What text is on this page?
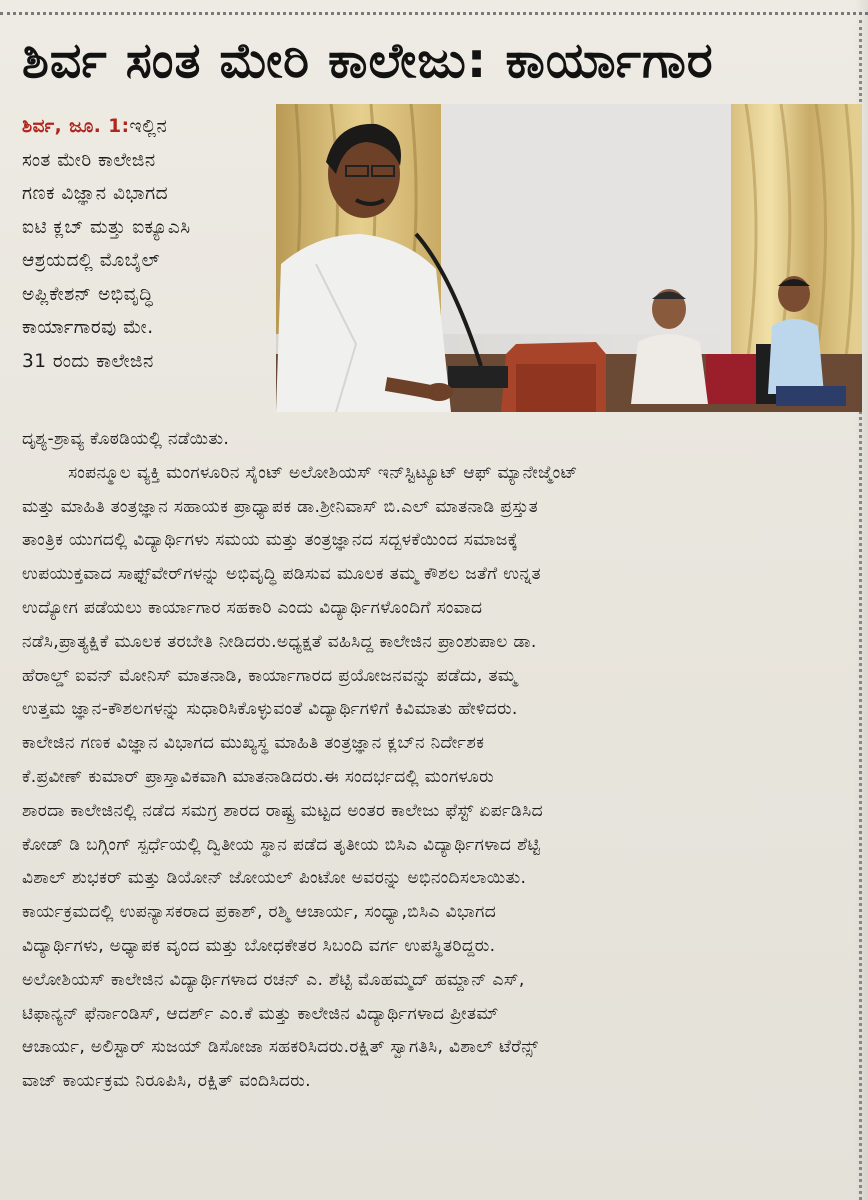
ಶಿರ್ವ ಸಂತ ಮೇರಿ ಕಾಲೇಜು: ಕಾರ್ಯಾಗಾರ
ಶಿರ್ವ, ಜೂ. 1:ಇಲ್ಲಿನ
ಸಂತ ಮೇರಿ ಕಾಲೇಜಿನ
ಗಣಕ ವಿಜ್ಞಾನ ವಿಭಾಗದ
ಐಟಿ ಕ್ಲಬ್ ಮತ್ತು ಐಕ್ಯೂಎಸಿ
ಆಶ್ರಯದಲ್ಲಿ ಮೊಬೈಲ್
ಅಪ್ಲಿಕೇಶನ್ ಅಭಿವೃದ್ಧಿ
ಕಾರ್ಯಾಗಾರವು ಮೇ.
31 ರಂದು ಕಾಲೇಜಿನ
ದೃಶ್ಯ-ಶ್ರಾವ್ಯ ಕೊಠಡಿಯಲ್ಲಿ ನಡೆಯಿತು.
ಸಂಪನ್ಮೂಲ ವ್ಯಕ್ತಿ ಮಂಗಳೂರಿನ ಸೈಂಟ್ ಅಲೋಶಿಯಸ್ ಇನ್‌ಸ್ಟಿಟ್ಯೂಟ್ ಆಫ್ ಮ್ಯಾನೇಜ್ಮೆಂಟ್
ಮತ್ತು ಮಾಹಿತಿ ತಂತ್ರಜ್ಞಾನ ಸಹಾಯಕ ಪ್ರಾಧ್ಯಾಪಕ ಡಾ.ಶ್ರೀನಿವಾಸ್ ಬಿ.ಎಲ್ ಮಾತನಾಡಿ ಪ್ರಸ್ತುತ
ತಾಂತ್ರಿಕ ಯುಗದಲ್ಲಿ ವಿದ್ಯಾರ್ಥಿಗಳು ಸಮಯ ಮತ್ತು ತಂತ್ರಜ್ಞಾನದ ಸದ್ಬಳಕೆಯಿಂದ ಸಮಾಜಕ್ಕೆ
ಉಪಯುಕ್ತವಾದ ಸಾಫ್ಟ್‌ವೇರ್‌ಗಳನ್ನು ಅಭಿವೃದ್ಧಿ ಪಡಿಸುವ ಮೂಲಕ ತಮ್ಮ ಕೌಶಲ ಜತೆಗೆ ಉನ್ನತ
ಉದ್ಯೋಗ ಪಡೆಯಲು ಕಾರ್ಯಾಗಾರ ಸಹಕಾರಿ ಎಂದು ವಿದ್ಯಾರ್ಥಿಗಳೊಂದಿಗೆ ಸಂವಾದ
ನಡೆಸಿ,ಪ್ರಾತ್ಯಕ್ಷಿಕೆ ಮೂಲಕ ತರಬೇತಿ ನೀಡಿದರು.ಅಧ್ಯಕ್ಷತೆ ವಹಿಸಿದ್ದ ಕಾಲೇಜಿನ ಪ್ರಾಂಶುಪಾಲ ಡಾ.
ಹೆರಾಲ್ಡ್ ಐವನ್ ಮೋನಿಸ್ ಮಾತನಾಡಿ, ಕಾರ್ಯಾಗಾರದ ಪ್ರಯೋಜನವನ್ನು ಪಡೆದು, ತಮ್ಮ
ಉತ್ತಮ ಜ್ಞಾನ-ಕೌಶಲಗಳನ್ನು ಸುಧಾರಿಸಿಕೊಳ್ಳುವಂತೆ ವಿದ್ಯಾರ್ಥಿಗಳಿಗೆ ಕಿವಿಮಾತು ಹೇಳಿದರು.
ಕಾಲೇಜಿನ ಗಣಕ ವಿಜ್ಞಾನ ವಿಭಾಗದ ಮುಖ್ಯಸ್ಥ ಮಾಹಿತಿ ತಂತ್ರಜ್ಞಾನ ಕ್ಲಬ್‌ನ ನಿರ್ದೇಶಕ
ಕೆ.ಪ್ರವೀಣ್ ಕುಮಾರ್ ಪ್ರಾಸ್ತಾವಿಕವಾಗಿ ಮಾತನಾಡಿದರು.ಈ ಸಂದರ್ಭದಲ್ಲಿ ಮಂಗಳೂರು
ಶಾರದಾ ಕಾಲೇಜಿನಲ್ಲಿ ನಡೆದ ಸಮಗ್ರ ಶಾರದ ರಾಷ್ಟ್ರ ಮಟ್ಟದ ಅಂತರ ಕಾಲೇಜು ಫೆಸ್ಟ್ ಏರ್ಪಡಿಸಿದ
ಕೋಡ್ ಡಿ ಬಗ್ಗಿಂಗ್ ಸ್ಪರ್ಧೆಯಲ್ಲಿ ದ್ವಿತೀಯ ಸ್ಥಾನ ಪಡೆದ ತೃತೀಯ ಬಿಸಿಎ ವಿದ್ಯಾರ್ಥಿಗಳಾದ ಶೆಟ್ಟಿ
ವಿಶಾಲ್ ಶುಭಕರ್ ಮತ್ತು ಡಿಯೋನ್ ಜೋಯಲ್ ಪಿಂಟೋ ಅವರನ್ನು ಅಭಿನಂದಿಸಲಾಯಿತು.
ಕಾರ್ಯಕ್ರಮದಲ್ಲಿ ಉಪನ್ಯಾಸಕರಾದ ಪ್ರಕಾಶ್, ರಶ್ಮಿ ಆಚಾರ್ಯ, ಸಂಧ್ಯಾ,ಬಿಸಿಎ ವಿಭಾಗದ
ವಿದ್ಯಾರ್ಥಿಗಳು, ಅಧ್ಯಾಪಕ ವೃಂದ ಮತ್ತು ಬೋಧಕೇತರ ಸಿಬಂದಿ ವರ್ಗ ಉಪಸ್ಥಿತರಿದ್ದರು.
ಅಲೋಶಿಯಸ್ ಕಾಲೇಜಿನ ವಿದ್ಯಾರ್ಥಿಗಳಾದ ರಚನ್ ಎ. ಶೆಟ್ಟಿ ಮೊಹಮ್ಮದ್ ಹಮ್ದಾನ್ ಎಸ್,
ಟಿಫಾನ್ಯನ್ ಫೆರ್ನಾಂಡಿಸ್, ಆದರ್ಶ್ ಎಂ.ಕೆ ಮತ್ತು ಕಾಲೇಜಿನ ವಿದ್ಯಾರ್ಥಿಗಳಾದ ಪ್ರೀತಮ್
ಆಚಾರ್ಯ, ಅಲಿಸ್ಟಾರ್ ಸುಜಯ್ ಡಿಸೋಜಾ ಸಹಕರಿಸಿದರು.ರಕ್ಷಿತ್ ಸ್ವಾಗತಿಸಿ, ವಿಶಾಲ್ ಟೆರೆನ್ಸ್
ವಾಜ್ ಕಾರ್ಯಕ್ರಮ ನಿರೂಪಿಸಿ, ರಕ್ಷಿತ್ ವಂದಿಸಿದರು.
